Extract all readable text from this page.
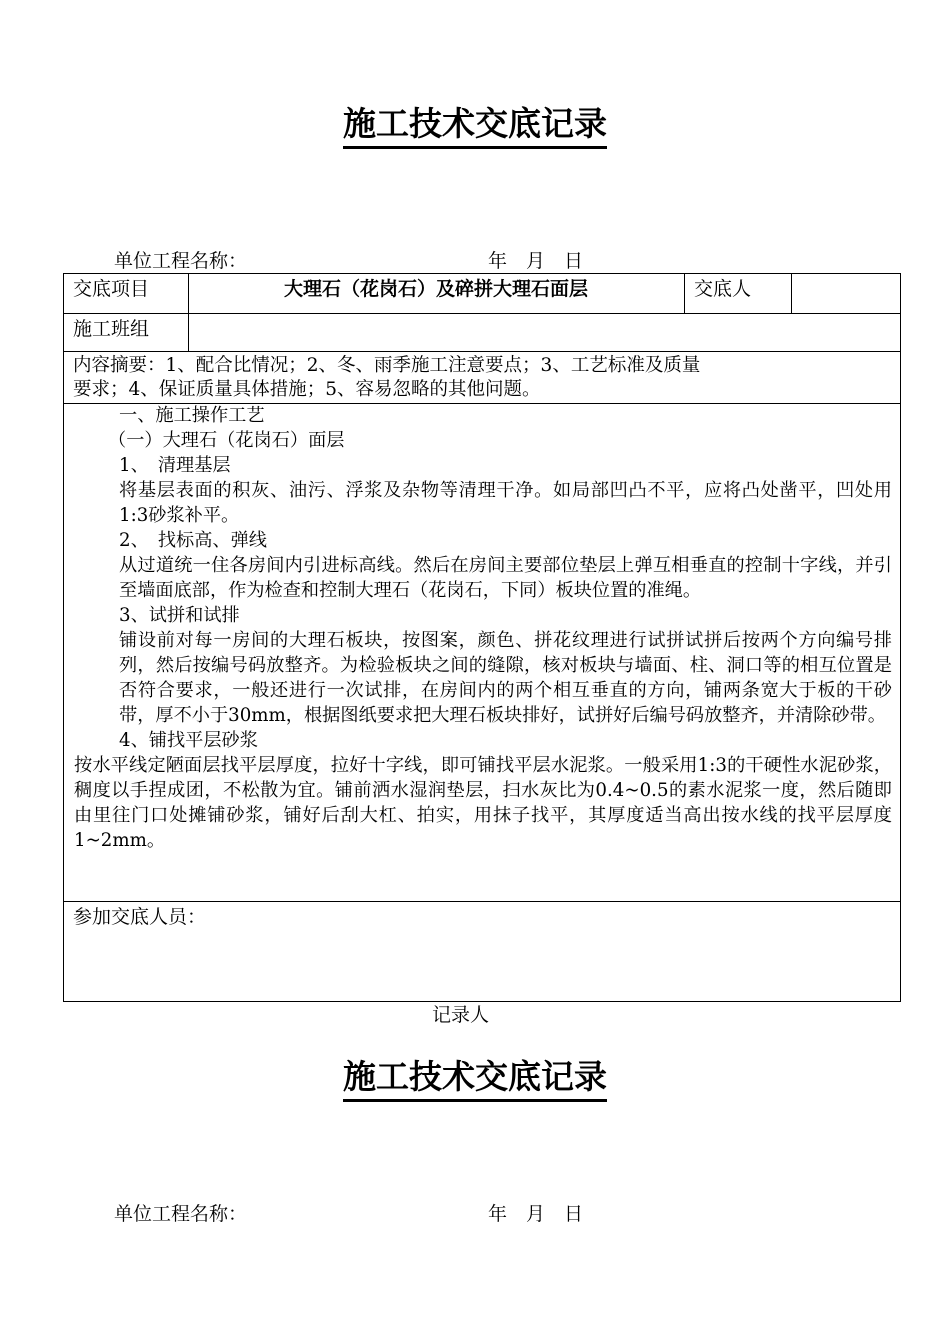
施工技术交底记录
单位工程名称：	年　月　日
交底项目	大理石（花岗石）及碎拼大理石面层	交底人
施工班组
内容摘要：1、配合比情况；2、冬、雨季施工注意要点；3、工艺标准及质量
要求；4、保证质量具体措施；5、容易忽略的其他问题。
一、施工操作工艺
（一）大理石（花岗石）面层
1、　清理基层
将基层表面的积灰、油污、浮浆及杂物等清理干净。如局部凹凸不平，应将凸处凿平，凹处用1:3砂浆补平。
2、　找标高、弹线
从过道统一住各房间内引进标高线。然后在房间主要部位垫层上弹互相垂直的控制十字线，并引至墙面底部，作为检查和控制大理石（花岗石，下同）板块位置的准绳。
3、试拼和试排
铺设前对每一房间的大理石板块，按图案，颜色、拼花纹理进行试拼试拼后按两个方向编号排列，然后按编号码放整齐。为检验板块之间的缝隙，核对板块与墙面、柱、洞口等的相互位置是否符合要求，一般还进行一次试排，在房间内的两个相互垂直的方向，铺两条宽大于板的干砂带，厚不小于30mm，根据图纸要求把大理石板块排好，试拼好后编号码放整齐，并清除砂带。
4、铺找平层砂浆
按水平线定陋面层找平层厚度，拉好十字线，即可铺找平层水泥浆。一般采用1:3的干硬性水泥砂浆，稠度以手捏成团，不松散为宜。铺前洒水湿润垫层，扫水灰比为0.4~0.5的素水泥浆一度，然后随即由里往门口处摊铺砂浆，铺好后刮大杠、拍实，用抹子找平，其厚度适当高出按水线的找平层厚度1~2mm。
参加交底人员：
记录人
施工技术交底记录
单位工程名称：	年　月　日
